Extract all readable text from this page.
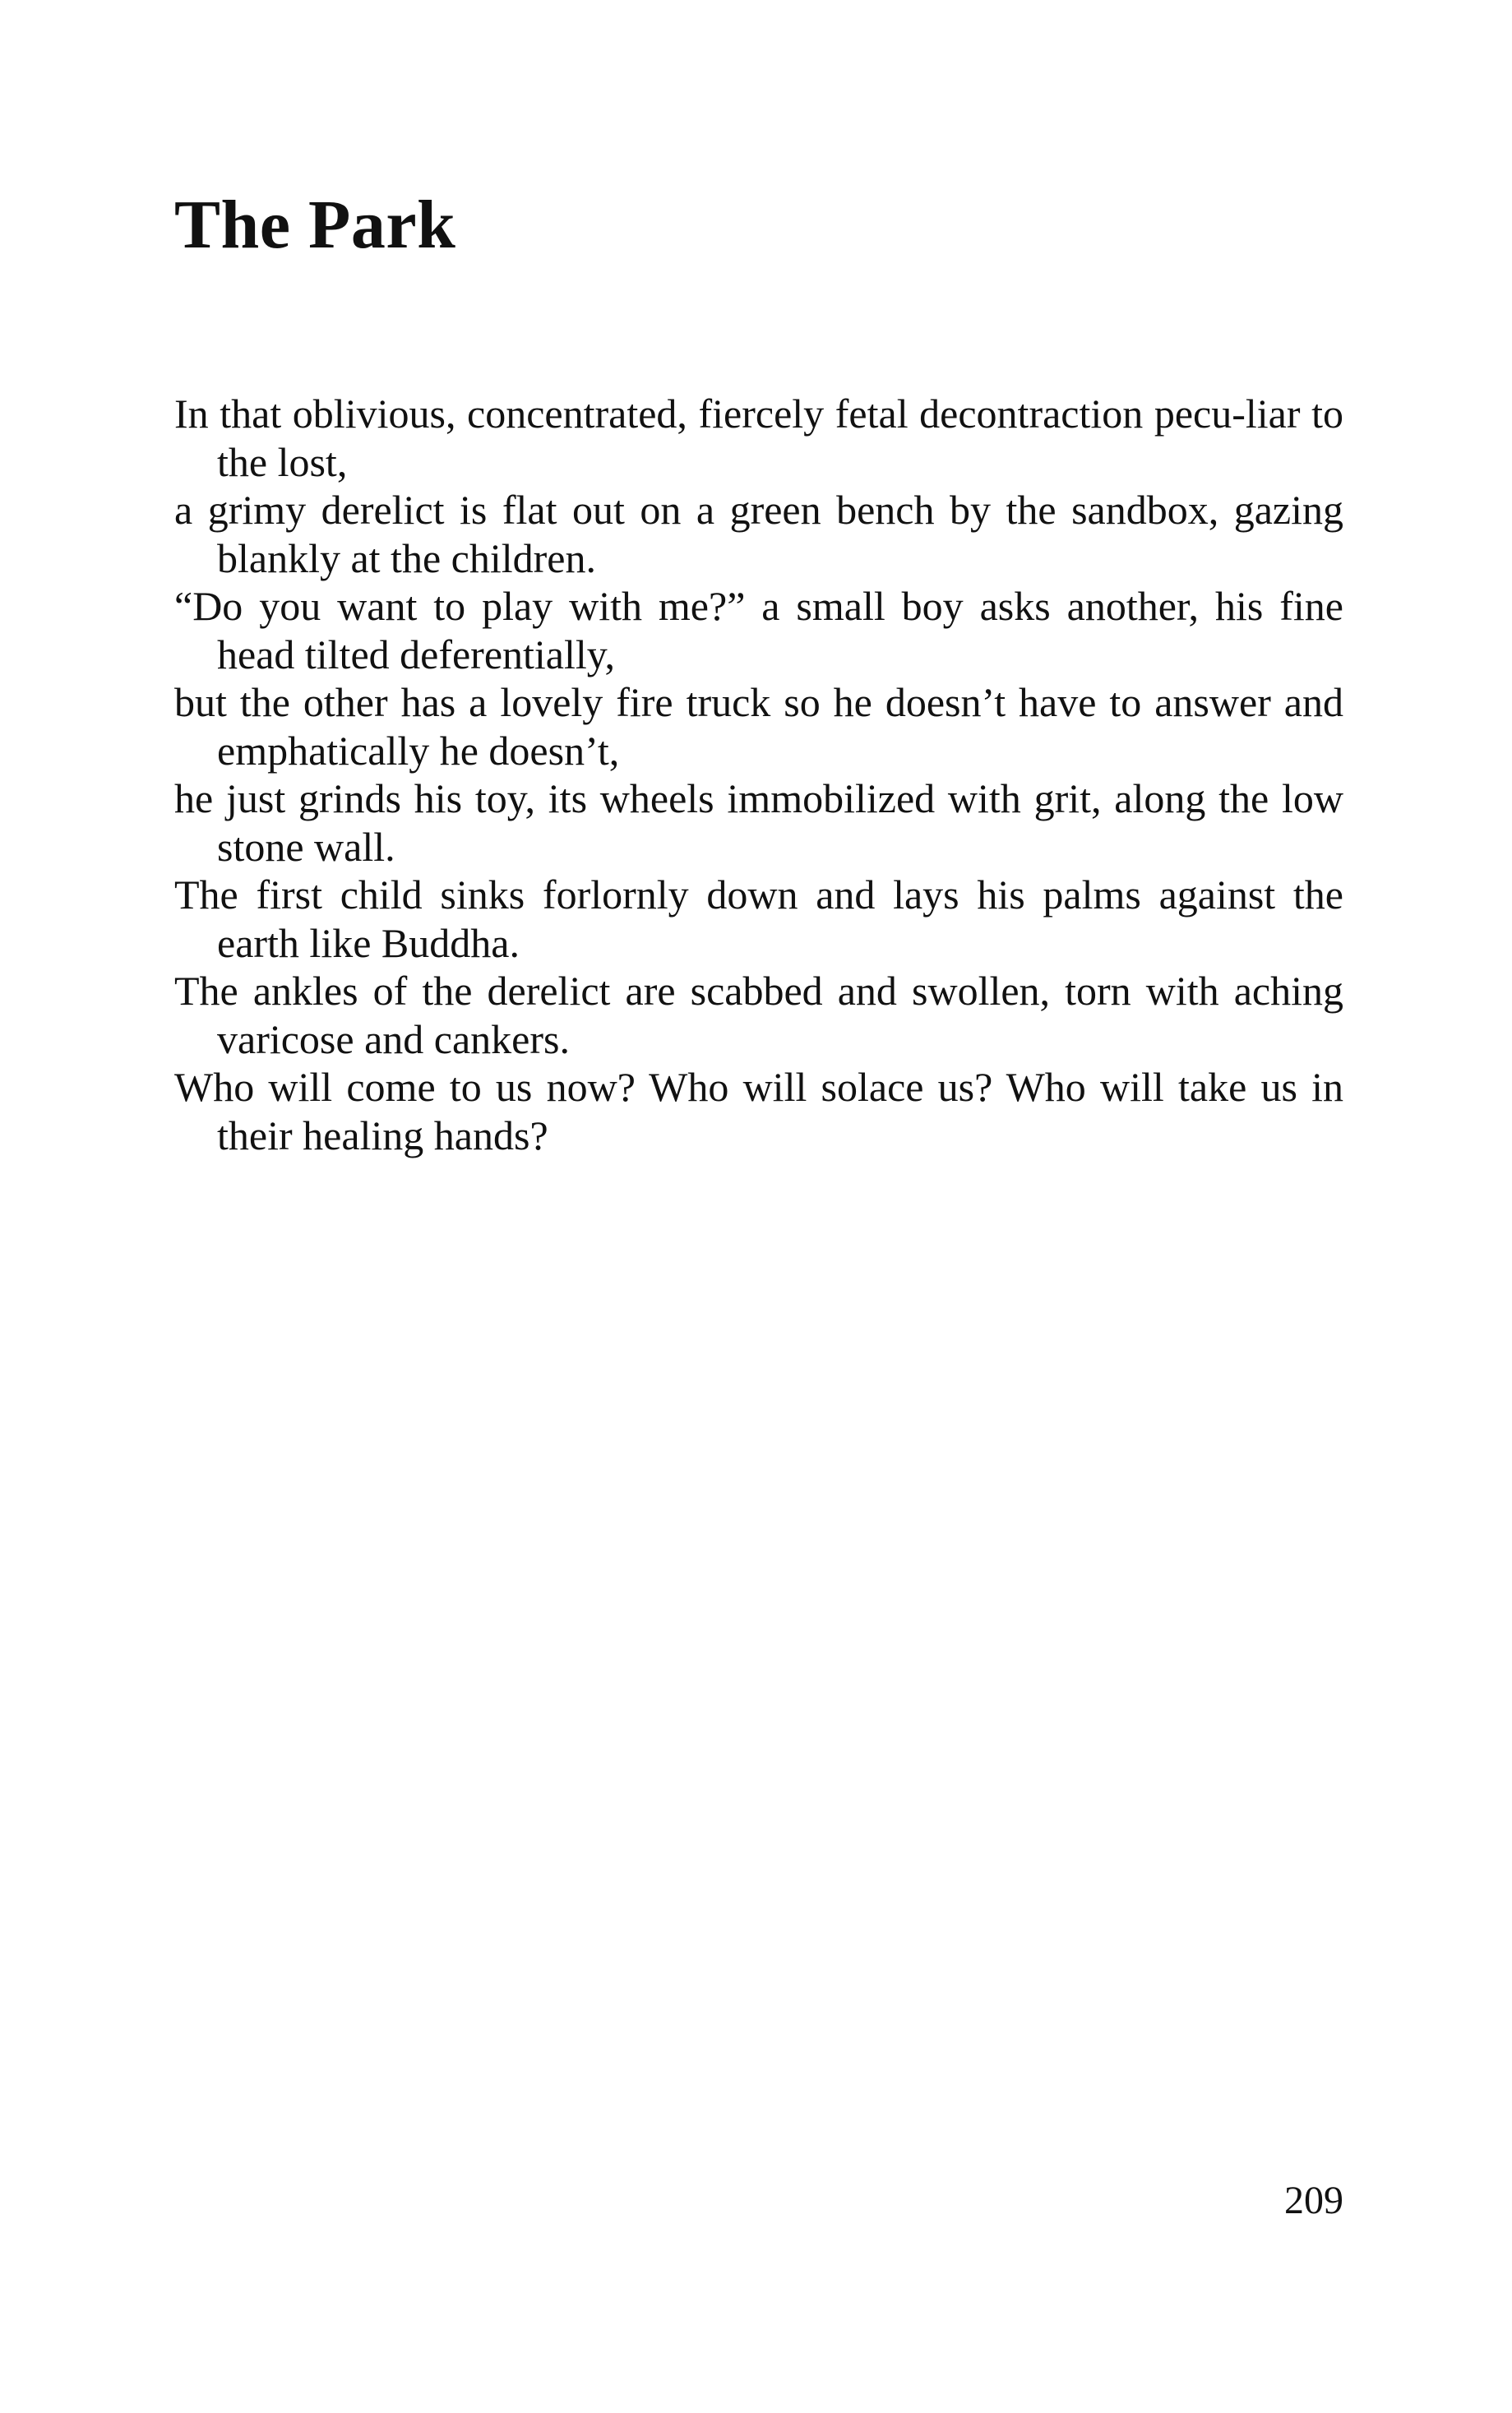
The Park
In that oblivious, concentrated, fiercely fetal decontraction pecu-liar to the lost,
a grimy derelict is flat out on a green bench by the sandbox, gazing blankly at the children.
“Do you want to play with me?” a small boy asks another, his fine head tilted deferentially,
but the other has a lovely fire truck so he doesn’t have to answer and emphatically he doesn’t,
he just grinds his toy, its wheels immobilized with grit, along the low stone wall.
The first child sinks forlornly down and lays his palms against the earth like Buddha.
The ankles of the derelict are scabbed and swollen, torn with aching varicose and cankers.
Who will come to us now? Who will solace us? Who will take us in their healing hands?
209
